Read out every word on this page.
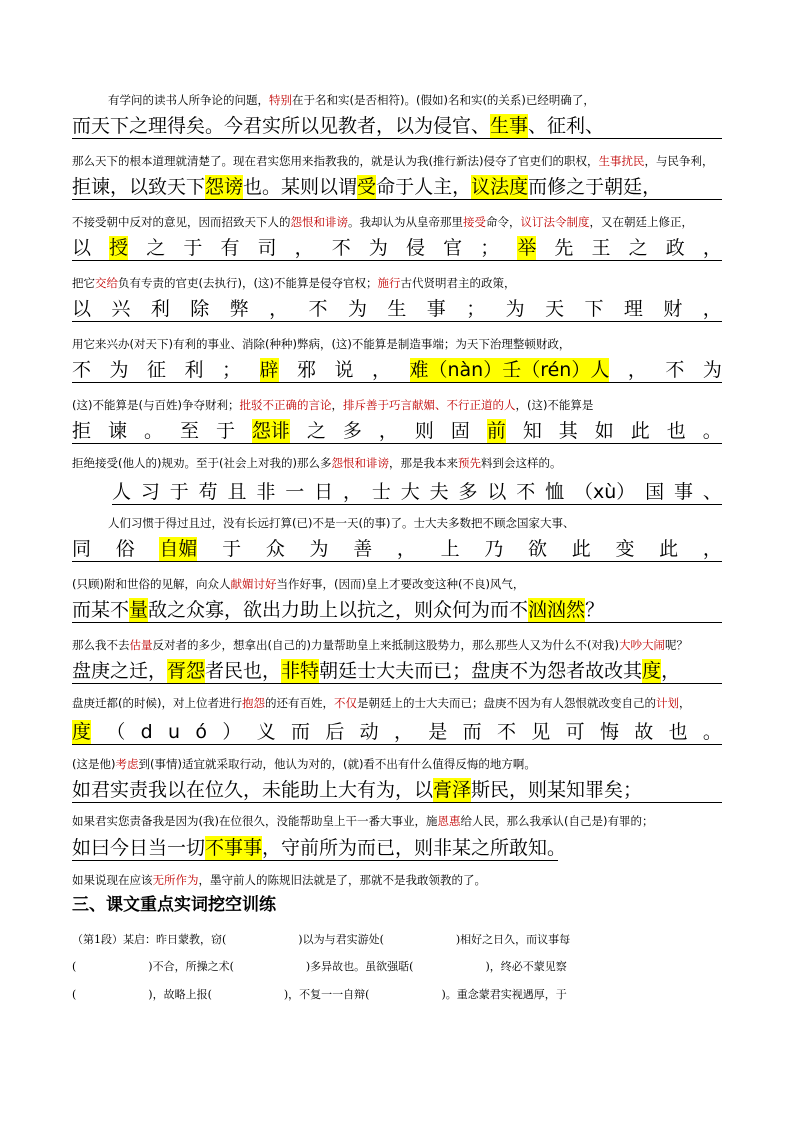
有学问的读书人所争论的问题，特别在于名和实(是否相符)。(假如)名和实(的关系)已经明确了，
而天下之理得矣。今君实所以见教者，以为侵官、 生事 、征利、
那么天下的根本道理就清楚了。现在君实您用来指教我的，就是认为我(推行新法)侵夺了官吏们的职权，生事扰民，与民争利，
拒谏，以致天下 怨谤 也。某则以谓 受 命于人主， 议法度 而修之于朝廷，
不接受朝中反对的意见，因而招致天下人的怨恨和诽谤。我却认为从皇帝那里接受命令，议订法令制度，又在朝廷上修正，
以 授 之 于 有 司 ， 不 为 侵 官 ； 举 先 王 之 政 ，
把它交给负有专责的官吏(去执行)，(这)不能算是侵夺官权；施行古代贤明君主的政策，
以 兴 利 除 弊 ， 不 为 生 事 ； 为 天 下 理 财 ，
用它来兴办(对天下)有利的事业、消除(种种)弊病，(这)不能算是制造事端；为天下治理整顿财政，
不 为 征 利 ； 辟 邪 说 ， 难（nàn）壬（rén）人 ， 不 为
(这)不能算是(与百姓)争夺财利；批驳不正确的言论，排斥善于巧言献媚、不行正道的人，(这)不能算是
拒 谏 。 至 于 怨诽 之 多 ， 则 固 前 知 其 如 此 也 。
拒绝接受(他人的)规劝。至于(社会上对我的)那么多怨恨和诽谤，那是我本来预先料到会这样的。
人 习 于 苟 且 非 一 日 ， 士 大 夫 多 以 不 恤 （xù） 国 事 、
人们习惯于得过且过，没有长远打算(已)不是一天(的事)了。士大夫多数把不顾念国家大事、
同 俗 自媚 于 众 为 善 ， 上 乃 欲 此 变 此 ，
(只顾)附和世俗的见解，向众人献媚讨好当作好事，(因而)皇上才要改变这种(不良)风气，
而某不 量 敌之众寡，欲出力助上以抗之，则众何为而不 汹汹然 ？
那么我不去估量反对者的多少，想拿出(自己的)力量帮助皇上来抵制这股势力，那么那些人又为什么不(对我)大吵大闹呢？
盘庚之迁， 胥怨 者民也， 非特 朝廷士大夫而已；盘庚不为怨者故改其 度 ，
盘庚迁都(的时候)，对上位者进行抱怨的还有百姓，不仅是朝廷上的士大夫而已；盘庚不因为有人怨恨就改变自己的计划，
度 （ d u ó ） 义 而 后 动 ， 是 而 不 见 可 悔 故 也 。
(这是他)考虑到(事情)适宜就采取行动，他认为对的，(就)看不出有什么值得反悔的地方啊。
如君实责我以在位久，未能助上大有为，以 膏泽 斯民，则某知罪矣；
如果君实您责备我是因为(我)在位很久，没能帮助皇上干一番大事业，施恩惠给人民，那么我承认(自己是)有罪的；
如曰今日当一切 不事事 ，守前所为而已，则非某之所敢知。
如果说现在应该无所作为，墨守前人的陈规旧法就是了，那就不是我敢领教的了。
（第1段）某启：昨日蒙教，窃(	)以为与君实游处(	)相好之日久，而议事每
(	)不合，所操之术(	)多异故也。虽欲强聒(	)，终必不蒙见察
(	)，故略上报(	)，不复一一自辩(	)。重念蒙君实视遇厚，于
三、课文重点实词挖空训练
